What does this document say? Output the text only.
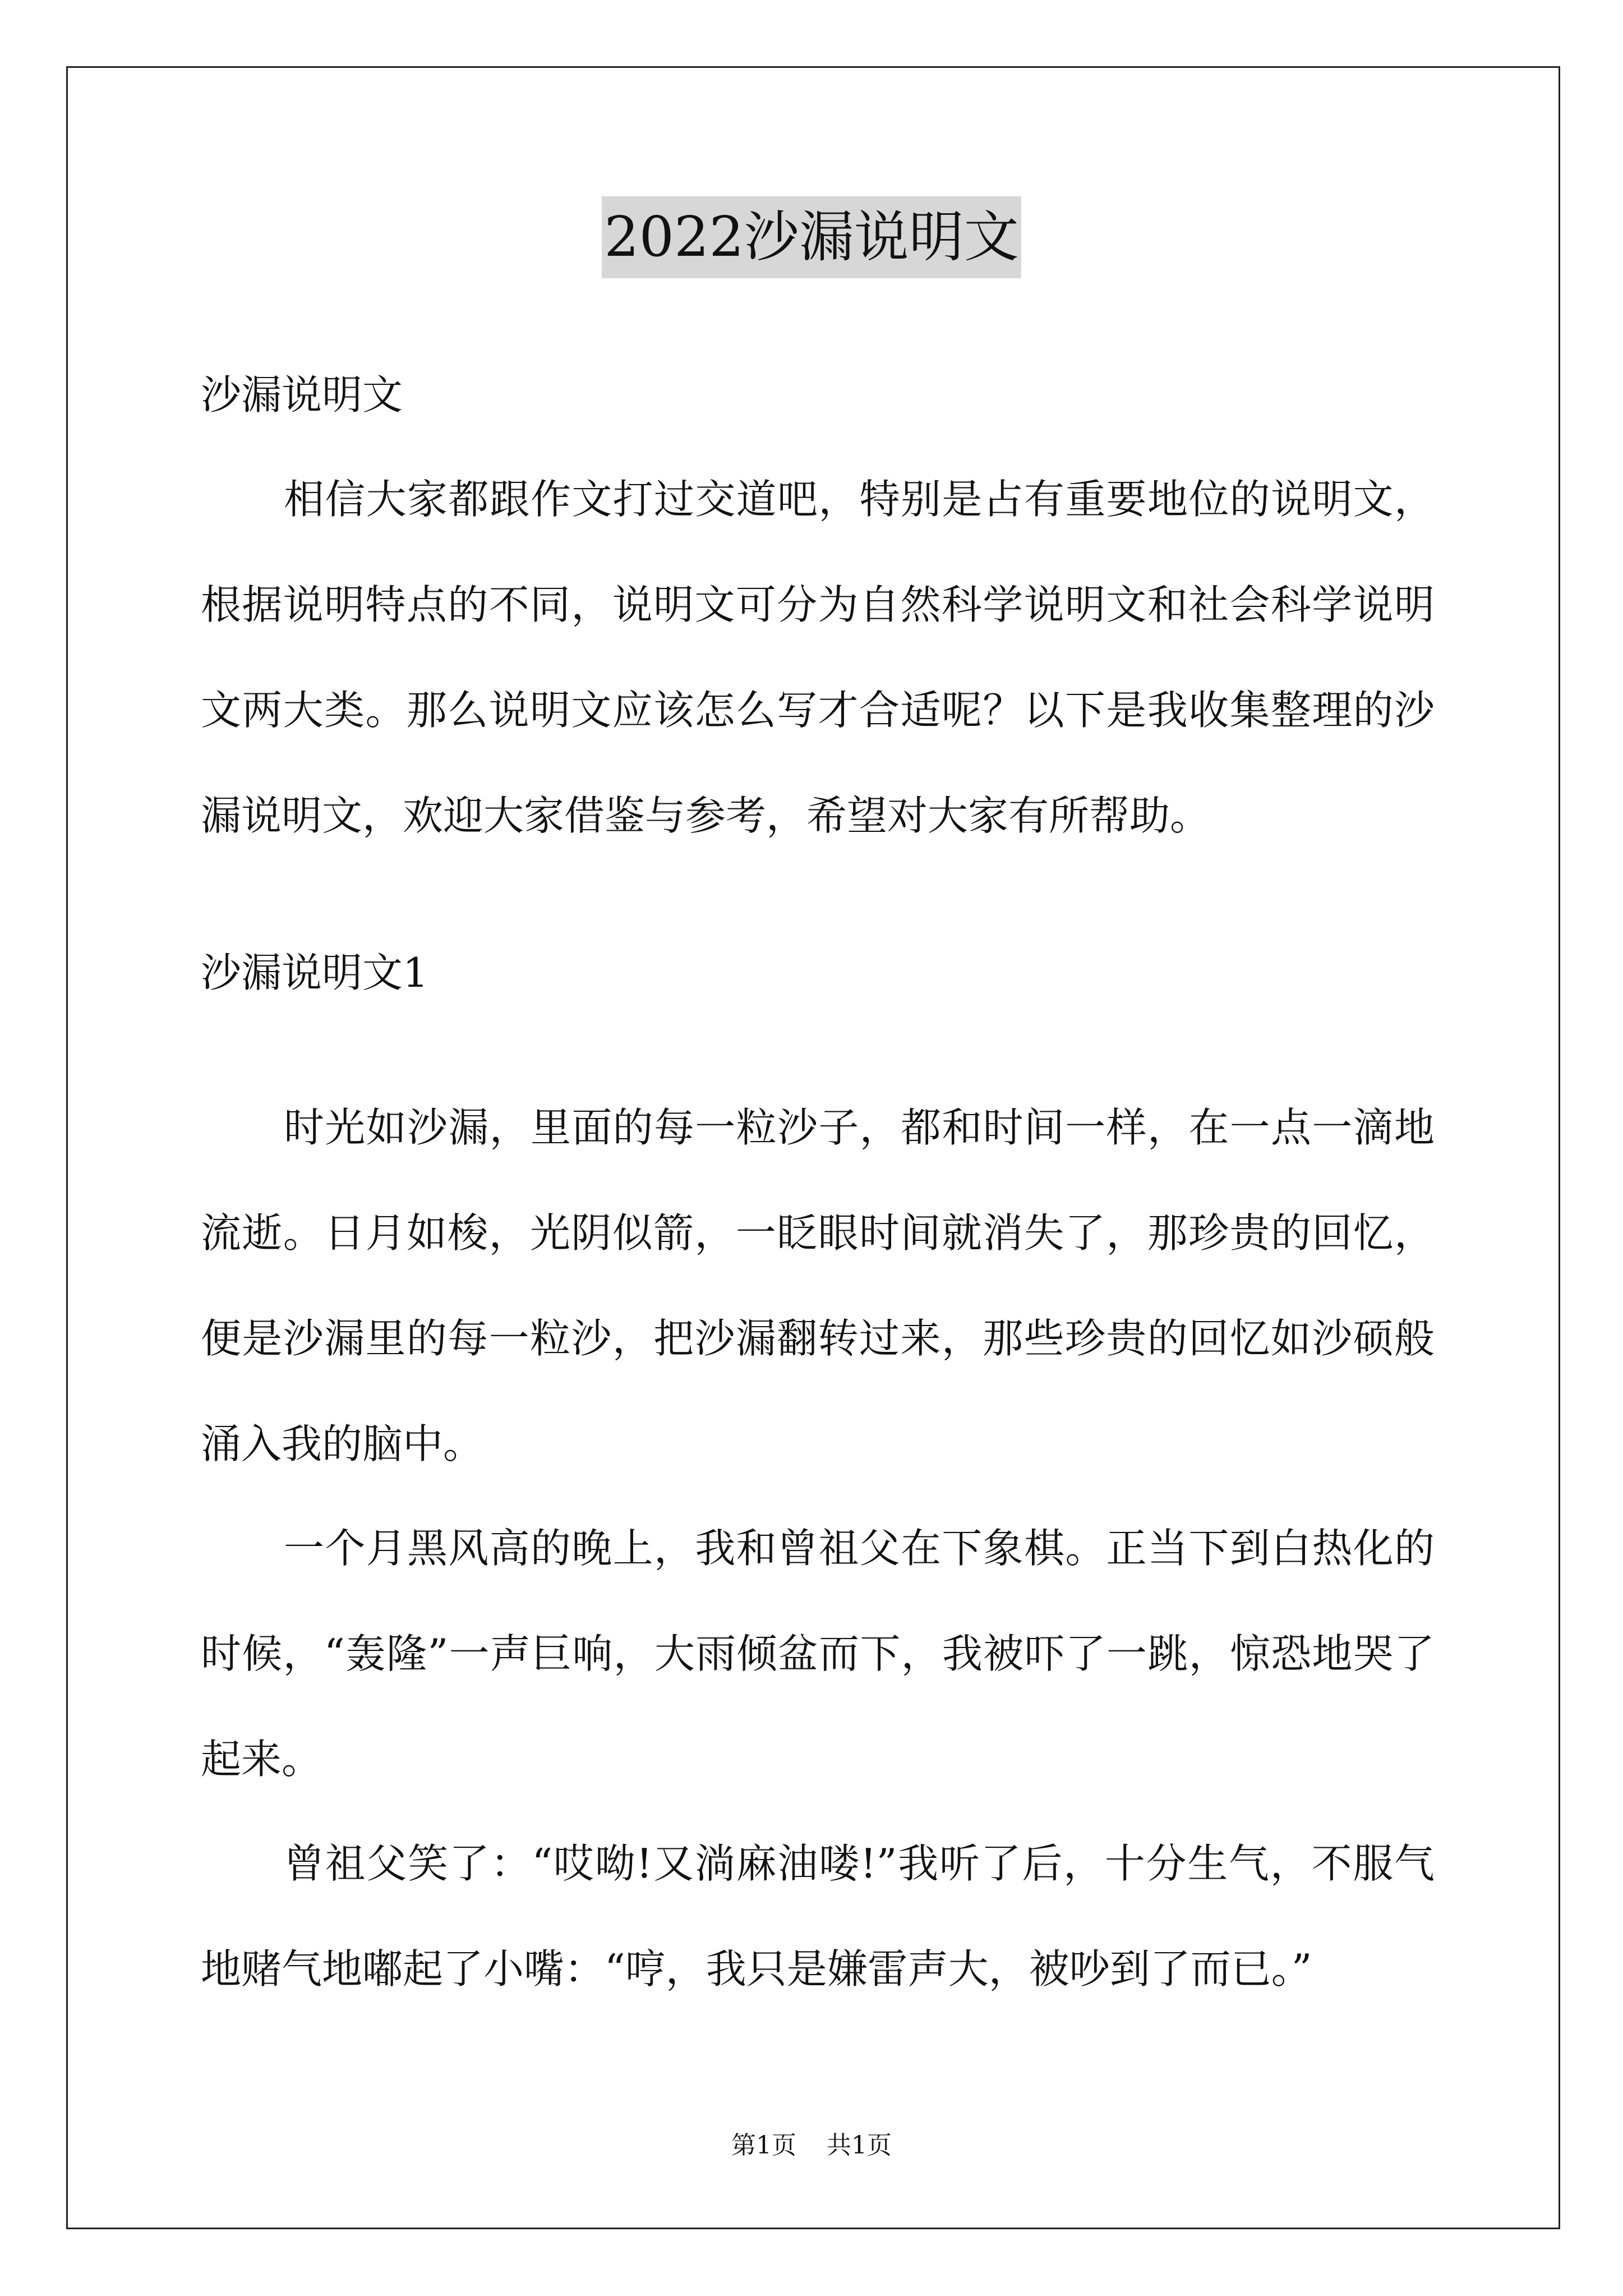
2022沙漏说明文

沙漏说明文

相信大家都跟作文打过交道吧，特别是占有重要地位的说明文，根据说明特点的不同，说明文可分为自然科学说明文和社会科学说明文两大类。那么说明文应该怎么写才合适呢？以下是我收集整理的沙漏说明文，欢迎大家借鉴与参考，希望对大家有所帮助。

沙漏说明文1

时光如沙漏，里面的每一粒沙子，都和时间一样，在一点一滴地流逝。日月如梭，光阴似箭，一眨眼时间就消失了，那珍贵的回忆，便是沙漏里的每一粒沙，把沙漏翻转过来，那些珍贵的回忆如沙硕般涌入我的脑中。

一个月黑风高的晚上，我和曾祖父在下象棋。正当下到白热化的时候，“轰隆”一声巨响，大雨倾盆而下，我被吓了一跳，惊恐地哭了起来。

曾祖父笑了：“哎呦!又淌麻油喽!”我听了后，十分生气，不服气地赌气地嘟起了小嘴：“哼，我只是嫌雷声大，被吵到了而已。”

第1页 共1页
